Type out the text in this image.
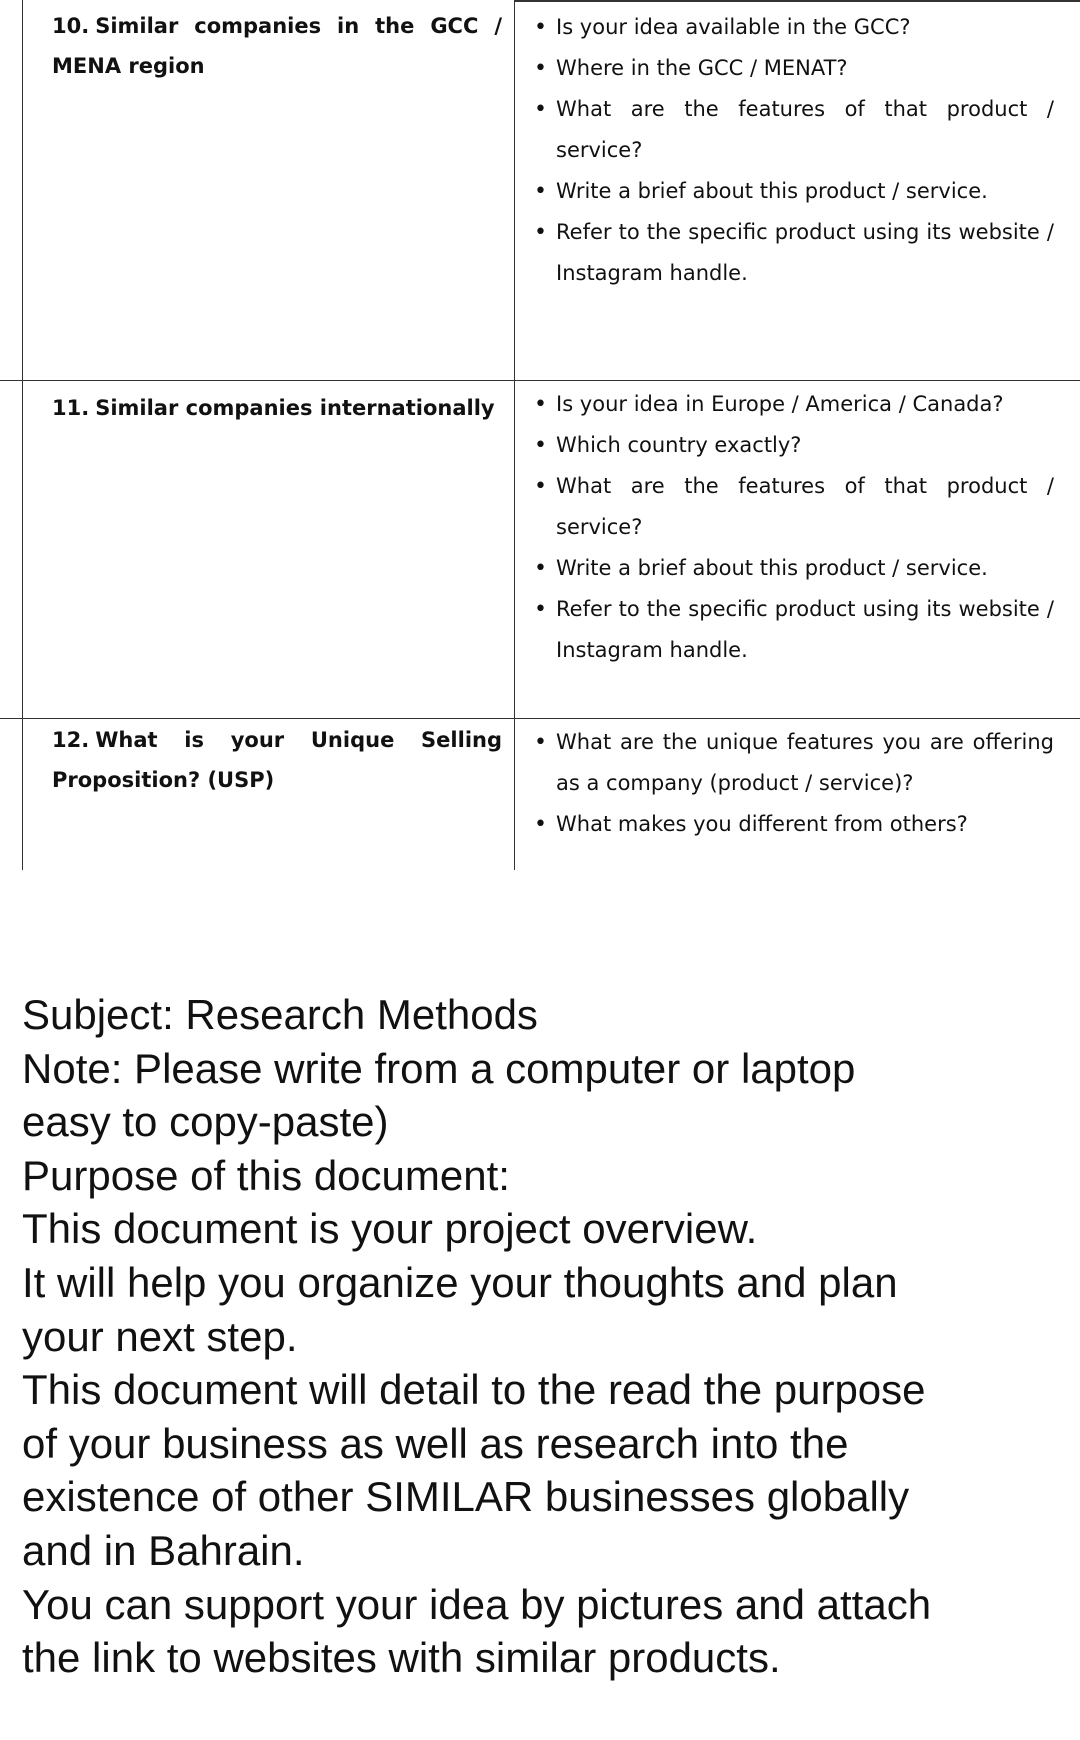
10. Similar companies in the GCC / MENA region
• Is your idea available in the GCC?
• Where in the GCC / MENAT?
• What are the features of that product / service?
• Write a brief about this product / service.
• Refer to the specific product using its website / Instagram handle.
11. Similar companies internationally
•	Is your idea in Europe / America / Canada?
• Which country exactly?
• What are the features of that product / service?
• Write a brief about this product / service.
• Refer to the specific product using its website / Instagram handle.
12. What is your Unique Selling Proposition? (USP)
• What are the unique features you are offering as a company (product / service)?
• What makes you different from others?
Subject: Research Methods
Note: Please write from a computer or laptop
easy to copy-paste)
Purpose of this document:
This document is your project overview.
It will help you organize your thoughts and plan
your next step.
This document will detail to the read the purpose
of your business as well as research into the
existence of other SIMILAR businesses globally
and in Bahrain.
You can support your idea by pictures and attach
the link to websites with similar products.
